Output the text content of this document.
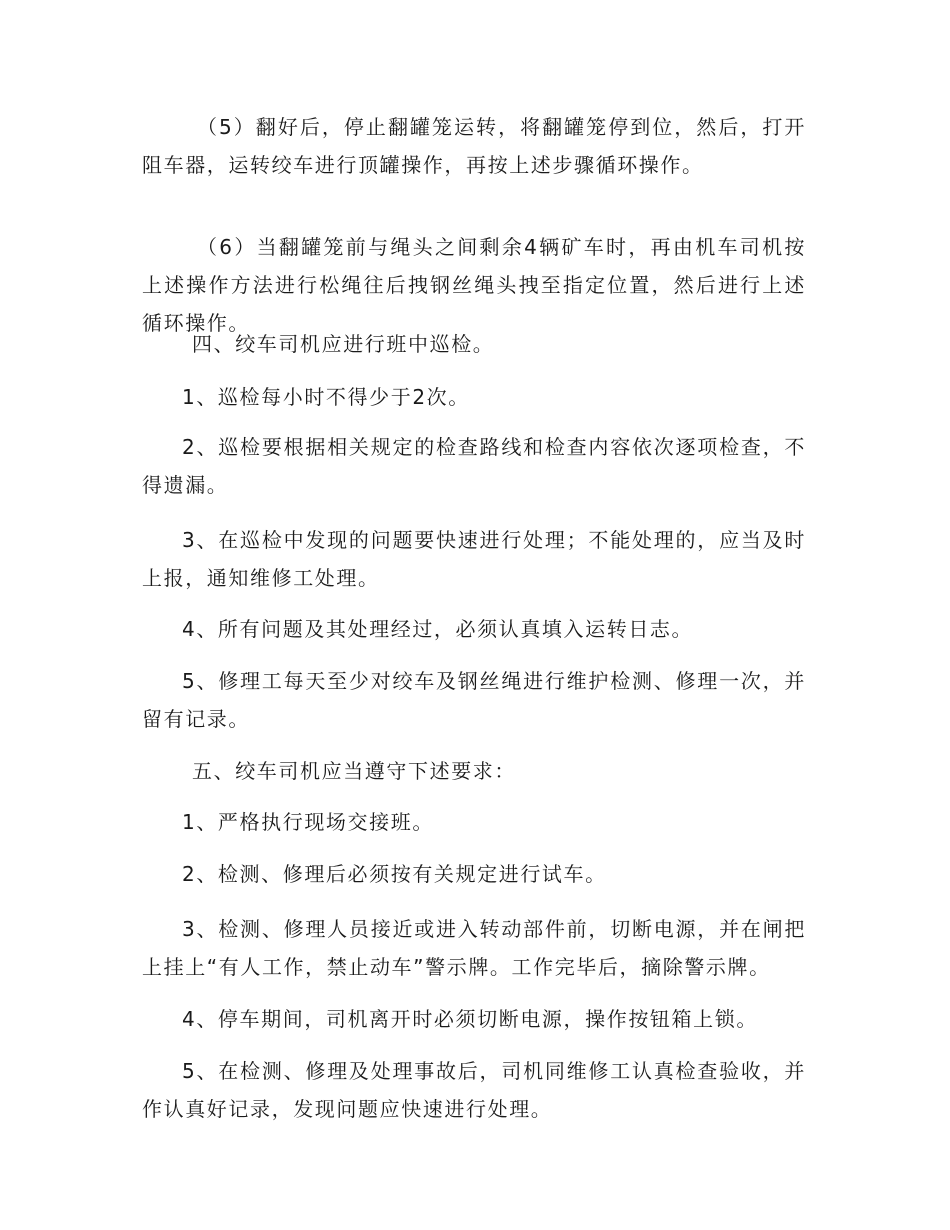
（5）翻好后，停止翻罐笼运转，将翻罐笼停到位，然后，打开阻车器，运转绞车进行顶罐操作，再按上述步骤循环操作。

（6）当翻罐笼前与绳头之间剩余4辆矿车时，再由机车司机按上述操作方法进行松绳往后拽钢丝绳头拽至指定位置，然后进行上述循环操作。

四、绞车司机应进行班中巡检。

1、巡检每小时不得少于2次。

2、巡检要根据相关规定的检查路线和检查内容依次逐项检查，不得遗漏。

3、在巡检中发现的问题要快速进行处理；不能处理的，应当及时上报，通知维修工处理。

4、所有问题及其处理经过，必须认真填入运转日志。

5、修理工每天至少对绞车及钢丝绳进行维护检测、修理一次，并留有记录。

五、绞车司机应当遵守下述要求：

1、严格执行现场交接班。

2、检测、修理后必须按有关规定进行试车。

3、检测、修理人员接近或进入转动部件前，切断电源，并在闸把上挂上“有人工作，禁止动车”警示牌。工作完毕后，摘除警示牌。

4、停车期间，司机离开时必须切断电源，操作按钮箱上锁。

5、在检测、修理及处理事故后，司机同维修工认真检查验收，并作认真好记录，发现问题应快速进行处理。
